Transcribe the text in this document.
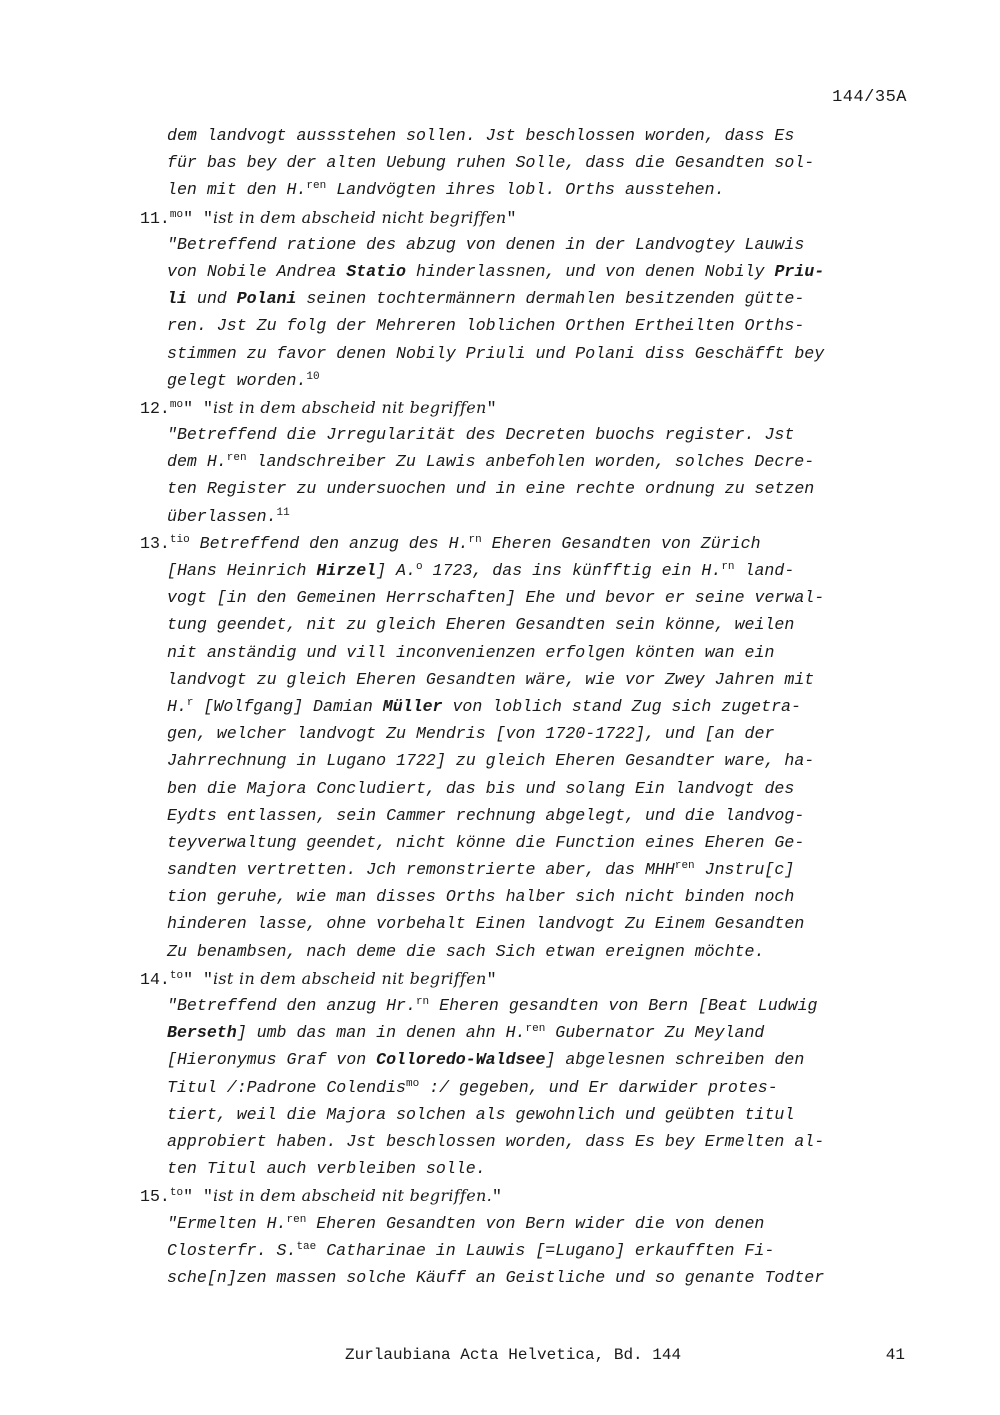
144/35A
dem landvogt aussstehen sollen. Jst beschlossen worden, dass Es
für bas bey der alten Uebung ruhen Solle, dass die Gesandten sol-
len mit den H.$^{ren}$ Landvögten ihres lobl. Orths ausstehen.
11.$^{mo}$" "ist in dem abscheid nicht begriffen"
"Betreffend ratione des abzug von denen in der Landvogtey Lauwis
von Nobile Andrea Statio hinderlassnen, und von denen Nobily Priu-
li und Polani seinen tochtermännern dermahlen besitzenden gütte-
ren. Jst Zu folg der Mehreren loblichen Orthen Ertheilten Orths-
stimmen zu favor denen Nobily Priuli und Polani diss Geschäfft bey
gelegt worden.$^{10}$
12.$^{mo}$" "ist in dem abscheid nit begriffen"
"Betreffend die Jrregularität des Decreten buochs register. Jst
dem H.$^{ren}$ landschreiber Zu Lawis anbefohlen worden, solches Decre-
ten Register zu undersuochen und in eine rechte ordnung zu setzen
überlassen.$^{11}$
13.$^{tio}$ Betreffend den anzug des H.$^{rn}$ Eheren Gesandten von Zürich
[Hans Heinrich Hirzel] A.$^o$ 1723, das ins künfftig ein H.$^{rn}$ land-
vogt [in den Gemeinen Herrschaften] Ehe und bevor er seine verwal-
tung geendet, nit zu gleich Eheren Gesandten sein könne, weilen
nit anständig und vill inconvenienzen erfolgen könten wan ein
landvogt zu gleich Eheren Gesandten wäre, wie vor Zwey Jahren mit
H.$^r$ [Wolfgang] Damian Müller von loblich stand Zug sich zugetra-
gen, welcher landvogt Zu Mendris [von 1720-1722], und [an der
Jahrrechnung in Lugano 1722] zu gleich Eheren Gesandter ware, ha-
ben die Majora Concludiert, das bis und solang Ein landvogt des
Eydts entlassen, sein Cammer rechnung abgelegt, und die landvog-
teyverwaltung geendet, nicht könne die Function eines Eheren Ge-
sandten vertretten. Jch remonstrierte aber, das $MHH^{ren}$ Jnstru[c]
tion geruhe, wie man disses Orths halber sich nicht binden noch
hinderen lasse, ohne vorbehalt Einen landvogt Zu Einem Gesandten
Zu benambsen, nach deme die sach Sich etwan ereignen möchte.
14.$^{to}$" "ist in dem abscheid nit begriffen"
"Betreffend den anzug Hr.$^{rn}$ Eheren gesandten von Bern [Beat Ludwig
Berseth] umb das man in denen ahn H.$^{ren}$ Gubernator Zu Meyland
[Hieronymus Graf von Colloredo-Waldsee] abgelesnen schreiben den
Titul /:Padrone Colendis$^{mo}$ :/ gegeben, und Er darwider protes-
tiert, weil die Majora solchen als gewohnlich und geübten titul
approbiert haben. Jst beschlossen worden, dass Es bey Ermelten al-
ten Titul auch verbleiben solle.
15.$^{to}$" "ist in dem abscheid nit begriffen."
"Ermelten H.$^{ren}$ Eheren Gesandten von Bern wider die von denen
Closterfr. S.$^{tae}$ Catharinae in Lauwis [=Lugano] erkaufften Fi-
sche[n]zen massen solche Käuff an Geistliche und so genante Todter
Zurlaubiana Acta Helvetica, Bd. 144	41
